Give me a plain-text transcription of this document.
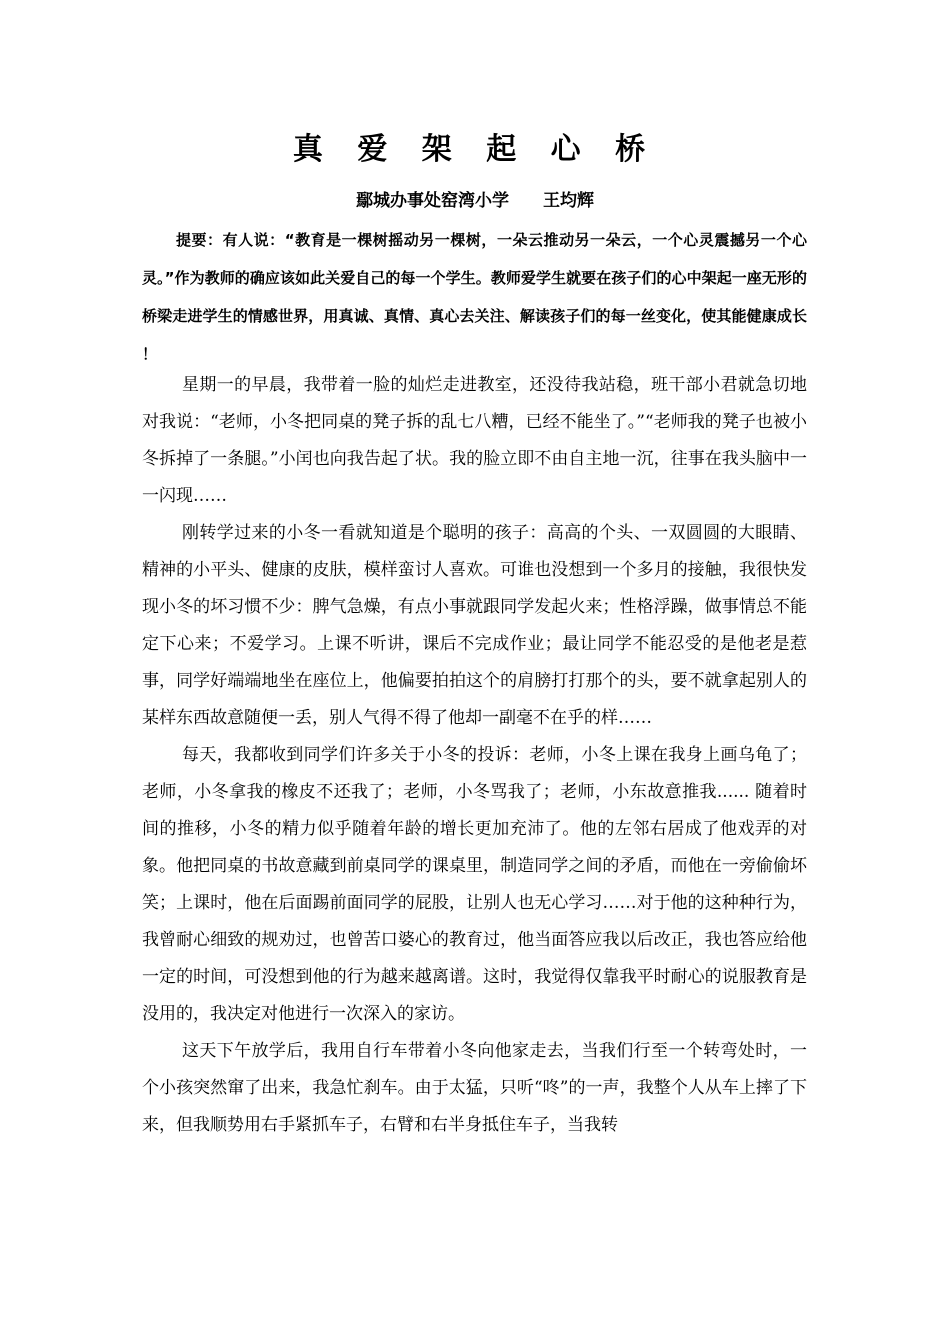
真 爱 架 起 心 桥
鄢城办事处窑湾小学 王均辉
提要：有人说：“教育是一棵树摇动另一棵树，一朵云推动另一朵云，一个心灵震撼另一个心灵。”作为教师的确应该如此关爱自己的每一个学生。教师爱学生就要在孩子们的心中架起一座无形的桥梁走进学生的情感世界，用真诚、真情、真心去关注、解读孩子们的每一丝变化，使其能健康成长 ！

星期一的早晨，我带着一脸的灿烂走进教室，还没待我站稳，班干部小君就急切地对我说：“老师，小冬把同桌的凳子拆的乱七八糟，已经不能坐了。”“老师我的凳子也被小冬拆掉了一条腿。”小闰也向我告起了状。我的脸立即不由自主地一沉，往事在我头脑中一一闪现……

刚转学过来的小冬一看就知道是个聪明的孩子：高高的个头、一双圆圆的大眼睛、精神的小平头、健康的皮肤，模样蛮讨人喜欢。可谁也没想到一个多月的接触，我很快发现小冬的坏习惯不少：脾气急燥，有点小事就跟同学发起火来；性格浮躁，做事情总不能定下心来；不爱学习。上课不听讲，课后不完成作业；最让同学不能忍受的是他老是惹事，同学好端端地坐在座位上，他偏要拍拍这个的肩膀打打那个的头，要不就拿起别人的某样东西故意随便一丢，别人气得不得了他却一副毫不在乎的样……

每天，我都收到同学们许多关于小冬的投诉：老师，小冬上课在我身上画乌龟了；老师，小冬拿我的橡皮不还我了；老师，小冬骂我了；老师，小东故意推我...... 随着时间的推移，小冬的精力似乎随着年龄的增长更加充沛了。他的左邻右居成了他戏弄的对象。他把同桌的书故意藏到前桌同学的课桌里，制造同学之间的矛盾，而他在一旁偷偷坏笑；上课时，他在后面踢前面同学的屁股，让别人也无心学习……对于他的这种种行为，我曾耐心细致的规劝过，也曾苦口婆心的教育过，他当面答应我以后改正，我也答应给他一定的时间，可没想到他的行为越来越离谱。这时，我觉得仅靠我平时耐心的说服教育是没用的，我决定对他进行一次深入的家访。

这天下午放学后，我用自行车带着小冬向他家走去，当我们行至一个转弯处时，一个小孩突然窜了出来，我急忙刹车。由于太猛，只听“咚”的一声，我整个人从车上摔了下来，但我顺势用右手紧抓车子，右臂和右半身抵住车子，当我转
